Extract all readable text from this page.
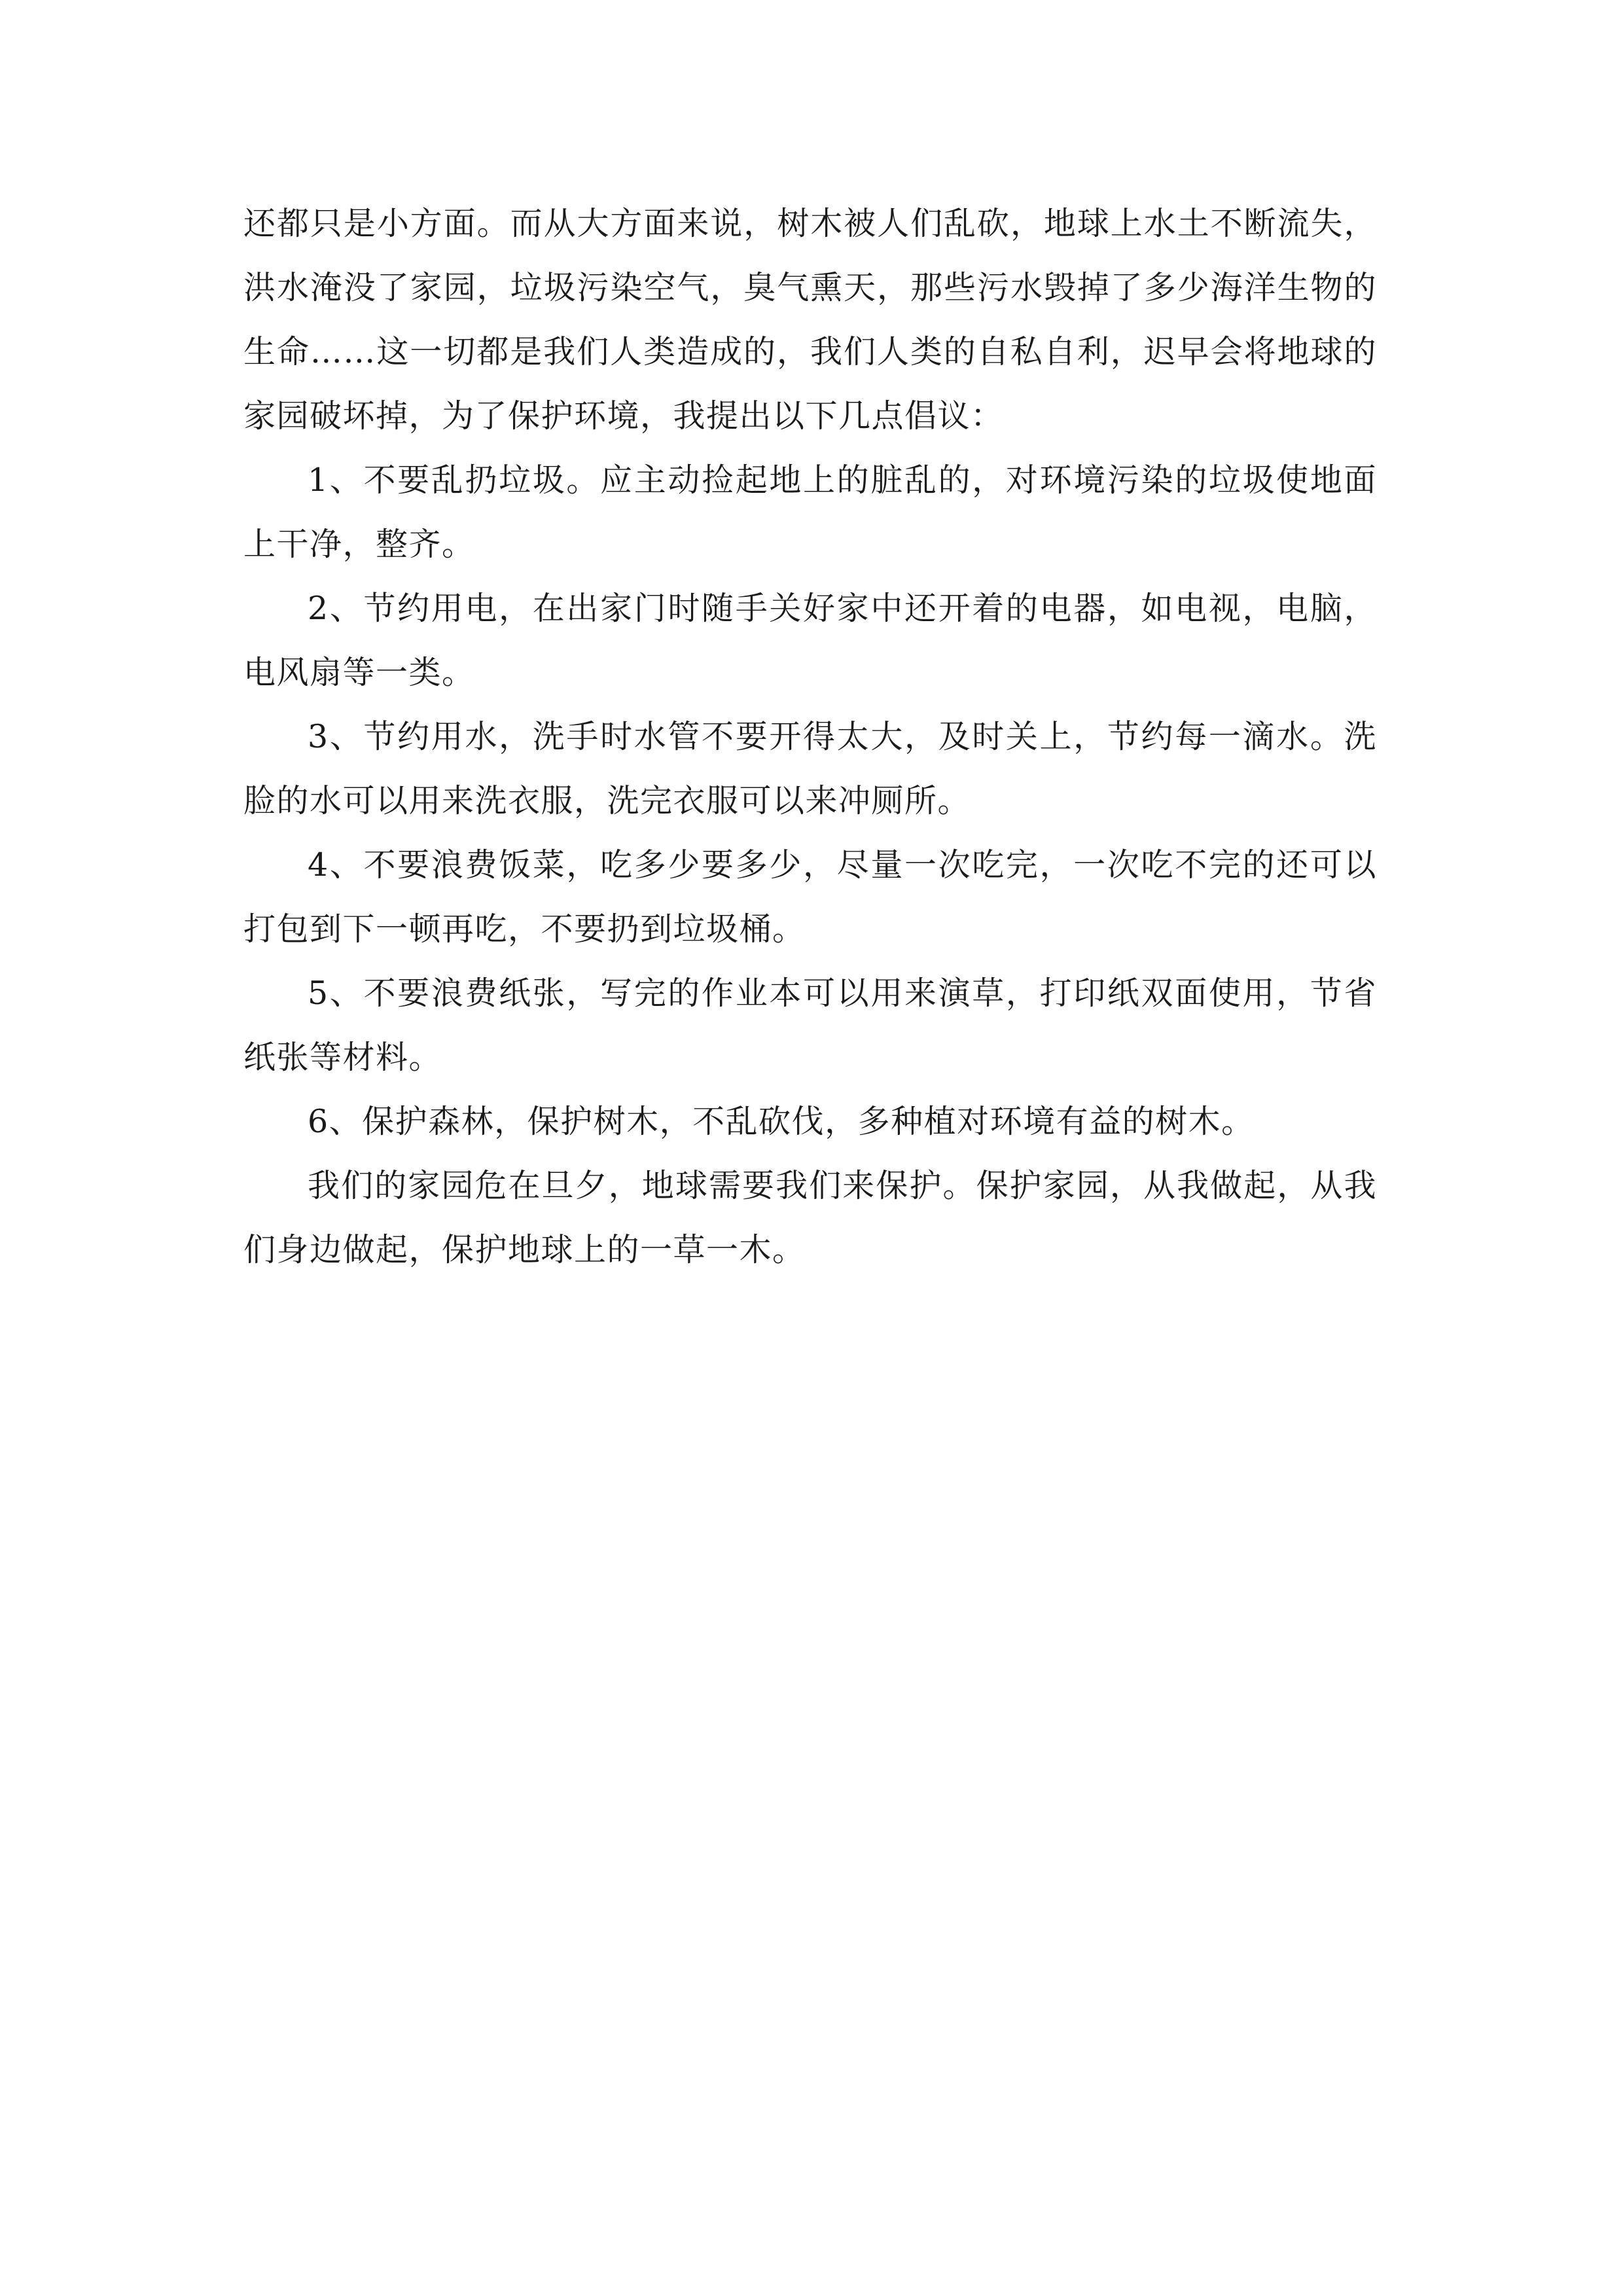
还都只是小方面。而从大方面来说，树木被人们乱砍，地球上水土不断流失，洪水淹没了家园，垃圾污染空气，臭气熏天，那些污水毁掉了多少海洋生物的生命……这一切都是我们人类造成的，我们人类的自私自利，迟早会将地球的家园破坏掉，为了保护环境，我提出以下几点倡议：

1、不要乱扔垃圾。应主动捡起地上的脏乱的，对环境污染的垃圾使地面上干净，整齐。

2、节约用电，在出家门时随手关好家中还开着的电器，如电视，电脑，电风扇等一类。

3、节约用水，洗手时水管不要开得太大，及时关上，节约每一滴水。洗脸的水可以用来洗衣服，洗完衣服可以来冲厕所。

4、不要浪费饭菜，吃多少要多少，尽量一次吃完，一次吃不完的还可以打包到下一顿再吃，不要扔到垃圾桶。

5、不要浪费纸张，写完的作业本可以用来演草，打印纸双面使用，节省纸张等材料。

6、保护森林，保护树木，不乱砍伐，多种植对环境有益的树木。

我们的家园危在旦夕，地球需要我们来保护。保护家园，从我做起，从我们身边做起，保护地球上的一草一木。
